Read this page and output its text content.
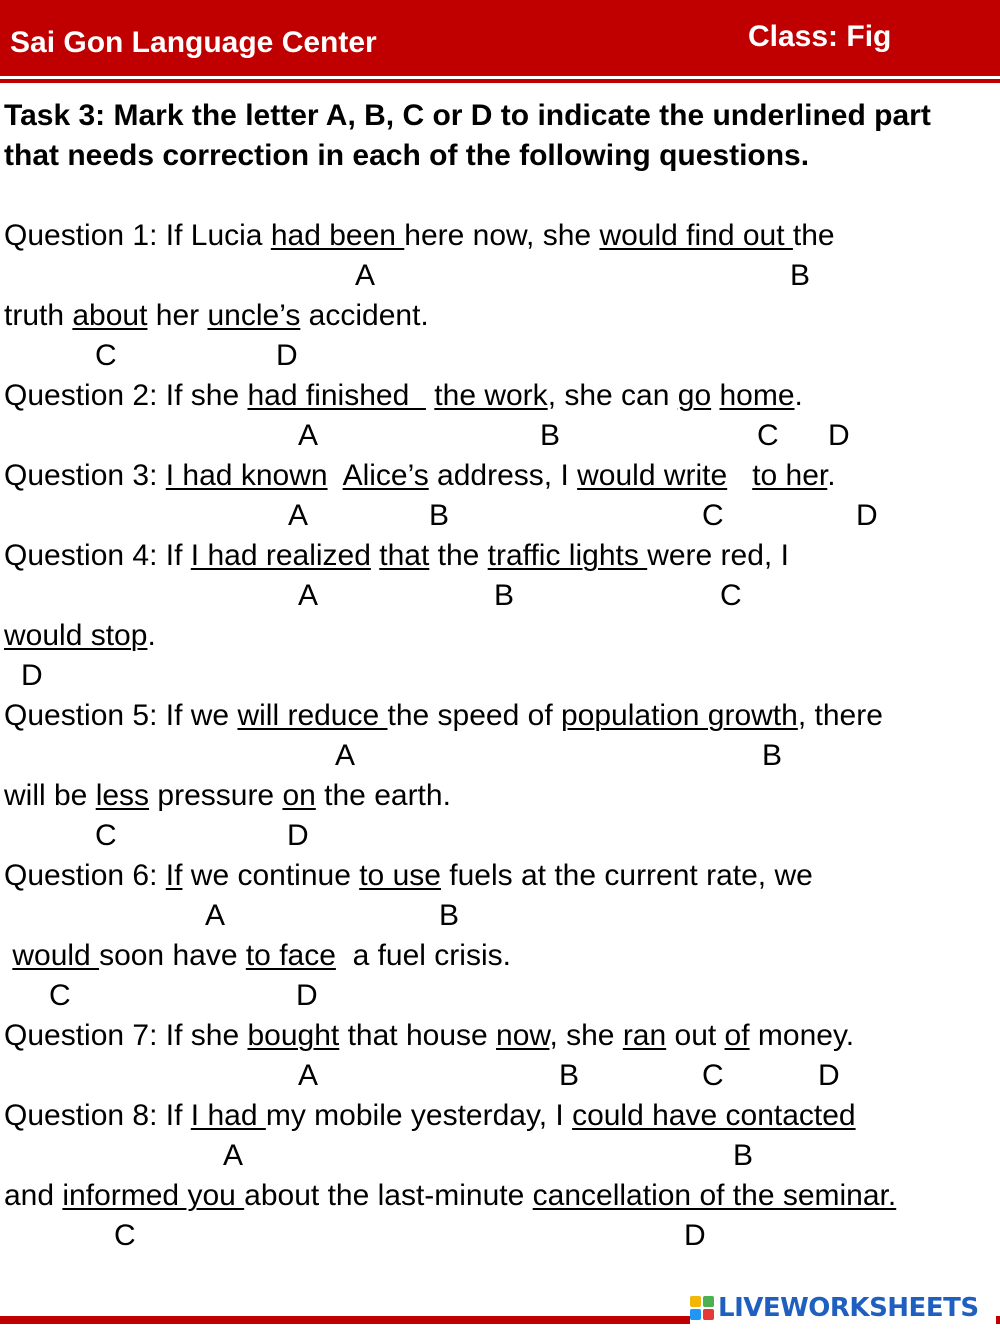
Sai Gon Language Center	Class: Fig
Task 3: Mark the letter A, B, C or D to indicate the underlined part that needs correction in each of the following questions.
Question 1: If Lucia had been here now, she would find out the
truth about her uncle’s accident.
A	B
C	D
Question 2: If she had finished   the work, she can go home.
A	B	C D
Question 3: I had known Alice’s address, I would write to her.
A	B	C	D
Question 4: If I had realized that the traffic lights were red, I
would stop.
A	B	C
D
Question 5: If we will reduce the speed of population growth, there
will be less pressure on the earth.
A	B
C	D
Question 6: If we continue to use fuels at the current rate, we
would soon have to face  a fuel crisis.
A	B
C	D
Question 7: If she bought that house now, she ran out of money.
A	B	C	D
Question 8: If I had my mobile yesterday, I could have contacted
and informed you about the last-minute cancellation of the seminar.
A	B
C	D
LIVEWORKSHEETS
